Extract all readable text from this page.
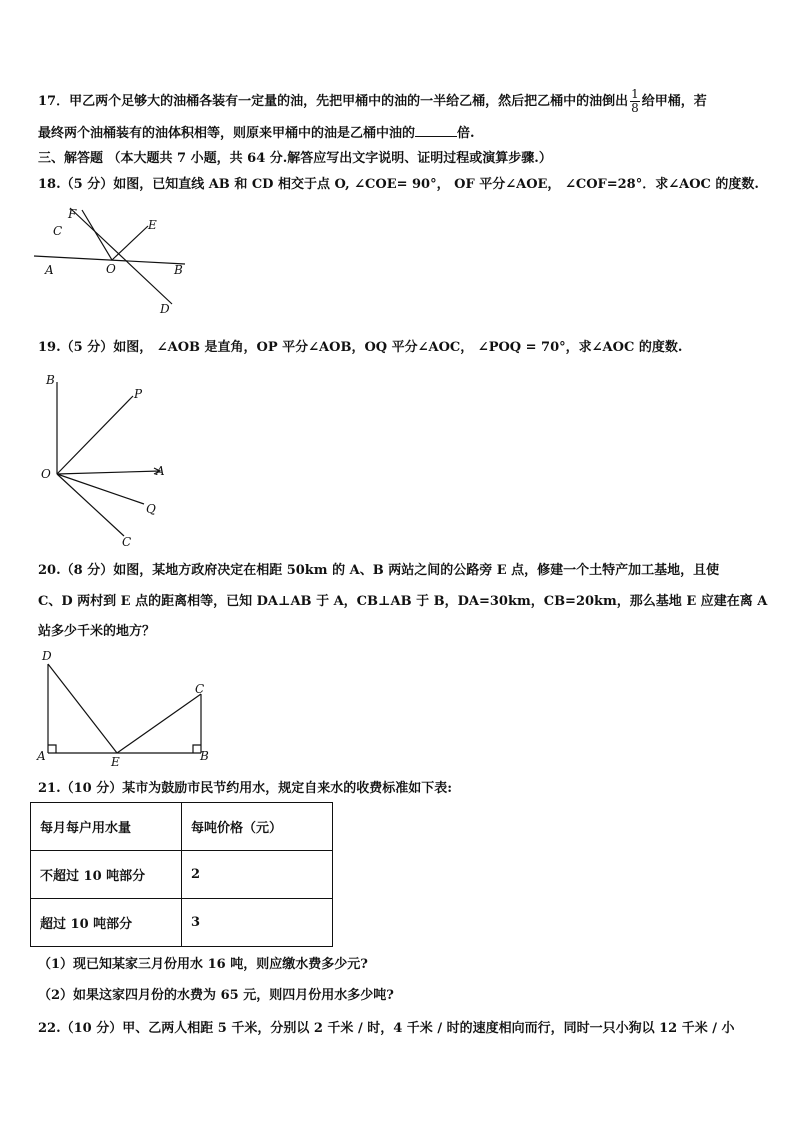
17．甲乙两个足够大的油桶各装有一定量的油，先把甲桶中的油的一半给乙桶，然后把乙桶中的油倒出 $\frac{1}{8}$ 给甲桶，若
最终两个油桶装有的油体积相等，则原来甲桶中的油是乙桶中油的	倍.
三、解答题 （本大题共 7 小题，共 64 分.解答应写出文字说明、证明过程或演算步骤.）
18.（5 分）如图，已知直线 AB 和 CD 相交于点 O, ∠COE= 90°， OF 平分∠AOE， ∠COF=28°．求∠AOC 的度数.
F
C	E
A	O	B
D
19.（5 分）如图， ∠AOB 是直角，OP 平分∠AOB，OQ 平分∠AOC， ∠POQ = 70°，求∠AOC 的度数.
B
P
O	A
Q
C
20.（8 分）如图，某地方政府决定在相距 50km 的 A、B 两站之间的公路旁 E 点，修建一个土特产加工基地，且使
C、D 两村到 E 点的距离相等，已知 DA⊥AB 于 A，CB⊥AB 于 B，DA=30km，CB=20km，那么基地 E 应建在离 A
站多少千米的地方？
D
C
A	E	B
21.（10 分）某市为鼓励市民节约用水，规定自来水的收费标准如下表:
每月每户用水量	每吨价格（元）
不超过 10 吨部分	2
超过 10 吨部分	3
（1）现已知某家三月份用水 16 吨，则应缴水费多少元?
（2）如果这家四月份的水费为 65 元，则四月份用水多少吨?
22.（10 分）甲、乙两人相距 5 千米，分别以 2 千米 / 时，4 千米 / 时的速度相向而行，同时一只小狗以 12 千米 / 小
